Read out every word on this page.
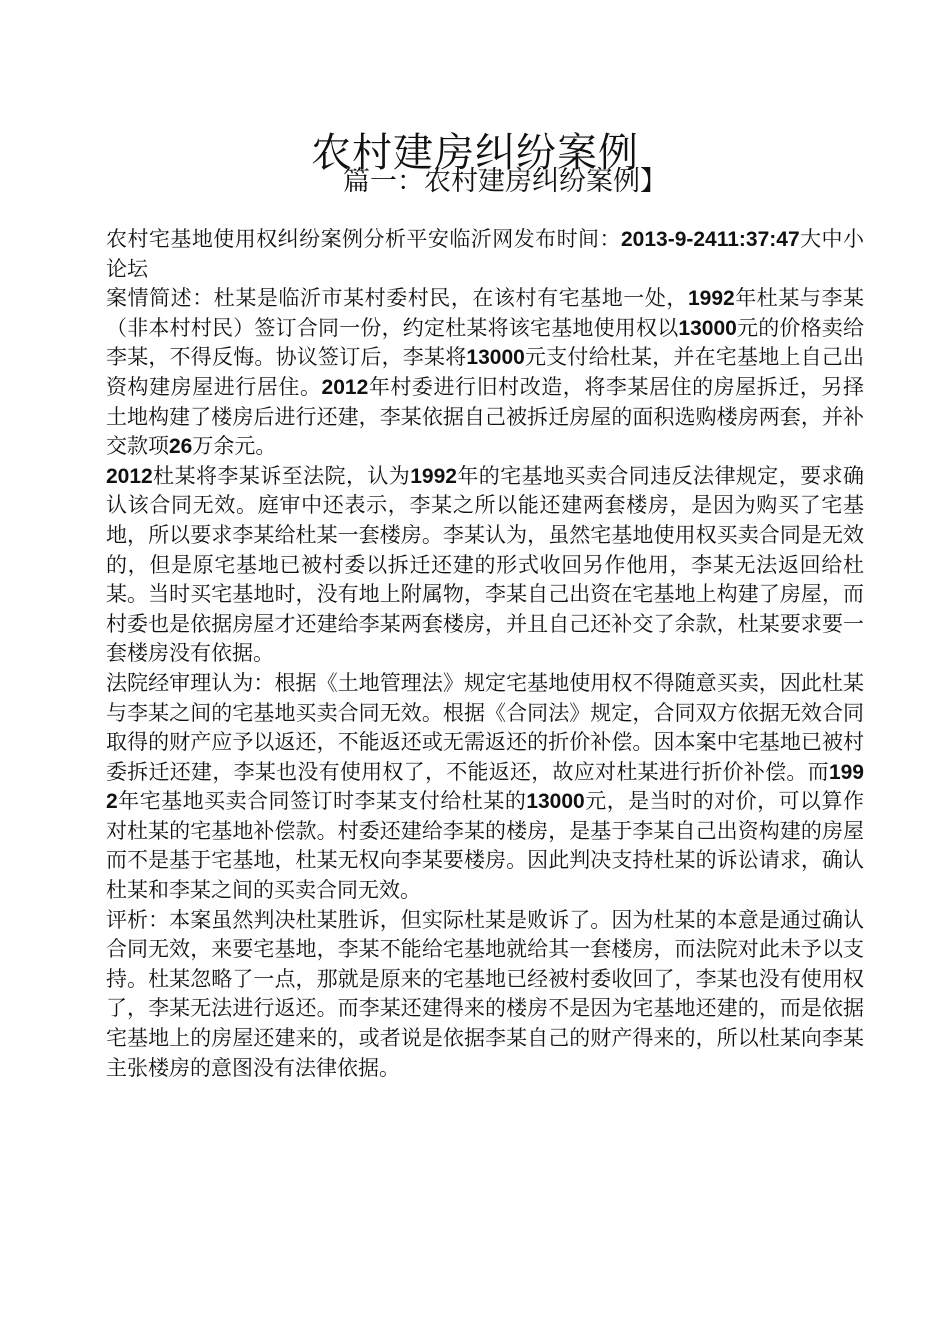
农村建房纠纷案例
篇一：农村建房纠纷案例】

农村宅基地使用权纠纷案例分析平安临沂网发布时间：2013-9-2411:37:47大中小论坛

案情简述：杜某是临沂市某村委村民，在该村有宅基地一处，1992年杜某与李某（非本村村民）签订合同一份，约定杜某将该宅基地使用权以13000元的价格卖给李某，不得反悔。协议签订后，李某将13000元支付给杜某，并在宅基地上自己出资构建房屋进行居住。2012年村委进行旧村改造，将李某居住的房屋拆迁，另择土地构建了楼房后进行还建，李某依据自己被拆迁房屋的面积选购楼房两套，并补交款项26万余元。

2012杜某将李某诉至法院，认为1992年的宅基地买卖合同违反法律规定，要求确认该合同无效。庭审中还表示，李某之所以能还建两套楼房，是因为购买了宅基地，所以要求李某给杜某一套楼房。李某认为，虽然宅基地使用权买卖合同是无效的，但是原宅基地已被村委以拆迁还建的形式收回另作他用，李某无法返回给杜某。当时买宅基地时，没有地上附属物，李某自己出资在宅基地上构建了房屋，而村委也是依据房屋才还建给李某两套楼房，并且自己还补交了余款，杜某要求要一套楼房没有依据。

法院经审理认为：根据《土地管理法》规定宅基地使用权不得随意买卖，因此杜某与李某之间的宅基地买卖合同无效。根据《合同法》规定，合同双方依据无效合同取得的财产应予以返还，不能返还或无需返还的折价补偿。因本案中宅基地已被村委拆迁还建，李某也没有使用权了，不能返还，故应对杜某进行折价补偿。而1992年宅基地买卖合同签订时李某支付给杜某的13000元，是当时的对价，可以算作对杜某的宅基地补偿款。村委还建给李某的楼房，是基于李某自己出资构建的房屋而不是基于宅基地，杜某无权向李某要楼房。因此判决支持杜某的诉讼请求，确认杜某和李某之间的买卖合同无效。

评析：本案虽然判决杜某胜诉，但实际杜某是败诉了。因为杜某的本意是通过确认合同无效，来要宅基地，李某不能给宅基地就给其一套楼房，而法院对此未予以支持。杜某忽略了一点，那就是原来的宅基地已经被村委收回了，李某也没有使用权了，李某无法进行返还。而李某还建得来的楼房不是因为宅基地还建的，而是依据宅基地上的房屋还建来的，或者说是依据李某自己的财产得来的，所以杜某向李某主张楼房的意图没有法律依据。
